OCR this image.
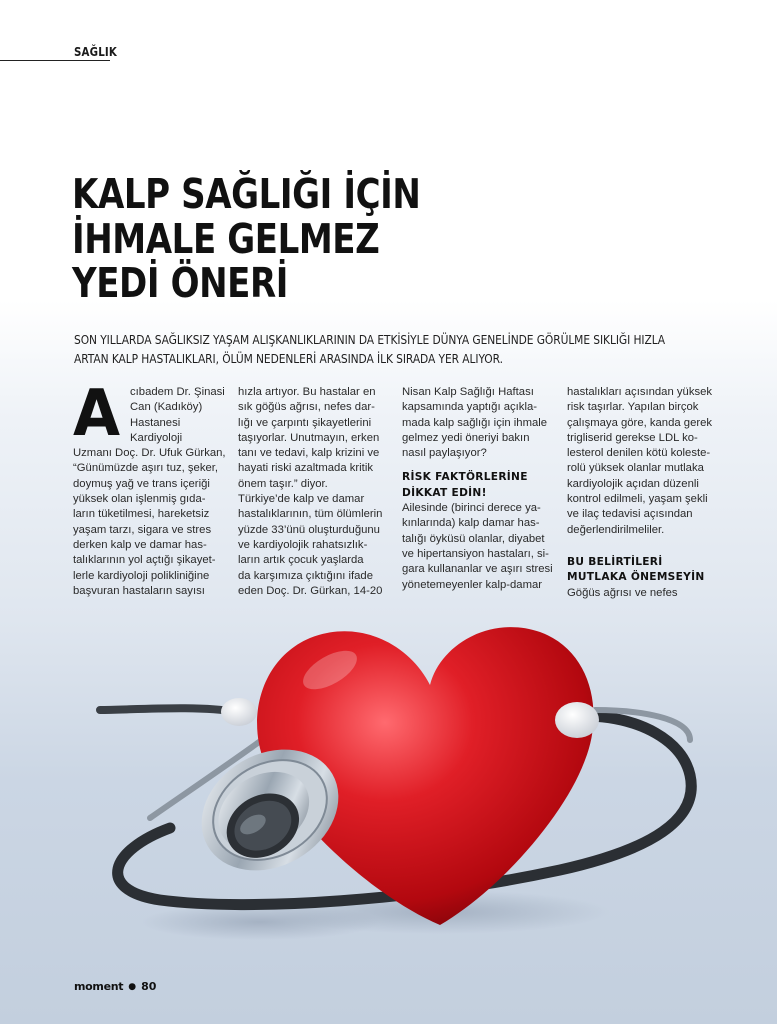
SAĞLIK
KALP SAĞLIĞI İÇİN
İHMALE GELMEZ
YEDİ ÖNERİ

SON YILLARDA SAĞLIKSIZ YAŞAM ALIŞKANLIKLARININ DA ETKİSİYLE DÜNYA GENELİNDE GÖRÜLME SIKLIĞI HIZLA
ARTAN KALP HASTALIKLARI, ÖLÜM NEDENLERİ ARASINDA İLK SIRADA YER ALIYOR.

A cıbadem Dr. Şinasi
Can (Kadıköy)
Hastanesi
Kardiyoloji
Uzmanı Doç. Dr. Ufuk Gürkan,
“Günümüzde aşırı tuz, şeker,
doymuş yağ ve trans içeriği
yüksek olan işlenmiş gıda-
ların tüketilmesi, hareketsiz
yaşam tarzı, sigara ve stres
derken kalp ve damar has-
talıklarının yol açtığı şikayet-
lerle kardiyoloji polikliniğine
başvuran hastaların sayısı
hızla artıyor. Bu hastalar en
sık göğüs ağrısı, nefes dar-
lığı ve çarpıntı şikayetlerini
taşıyorlar. Unutmayın, erken
tanı ve tedavi, kalp krizini ve
hayati riski azaltmada kritik
önem taşır.” diyor.
Türkiye’de kalp ve damar
hastalıklarının, tüm ölümlerin
yüzde 33’ünü oluşturduğunu
ve kardiyolojik rahatsızlık-
ların artık çocuk yaşlarda
da karşımıza çıktığını ifade
eden Doç. Dr. Gürkan, 14-20
Nisan Kalp Sağlığı Haftası
kapsamında yaptığı açıkla-
mada kalp sağlığı için ihmale
gelmez yedi öneriyi bakın
nasıl paylaşıyor?
RİSK FAKTÖRLERİNE
DİKKAT EDİN!
Ailesinde (birinci derece ya-
kınlarında) kalp damar has-
talığı öyküsü olanlar, diyabet
ve hipertansiyon hastaları, si-
gara kullananlar ve aşırı stresi
yönetemeyenler kalp-damar
hastalıkları açısından yüksek
risk taşırlar. Yapılan birçok
çalışmaya göre, kanda gerek
trigliserid gerekse LDL ko-
lesterol denilen kötü koleste-
rolü yüksek olanlar mutlaka
kardiyolojik açıdan düzenli
kontrol edilmeli, yaşam şekli
ve ilaç tedavisi açısından
değerlendirilmeliler.
BU BELİRTİLERİ
MUTLAKA ÖNEMSEYİN
Göğüs ağrısı ve nefes
moment ● 80
